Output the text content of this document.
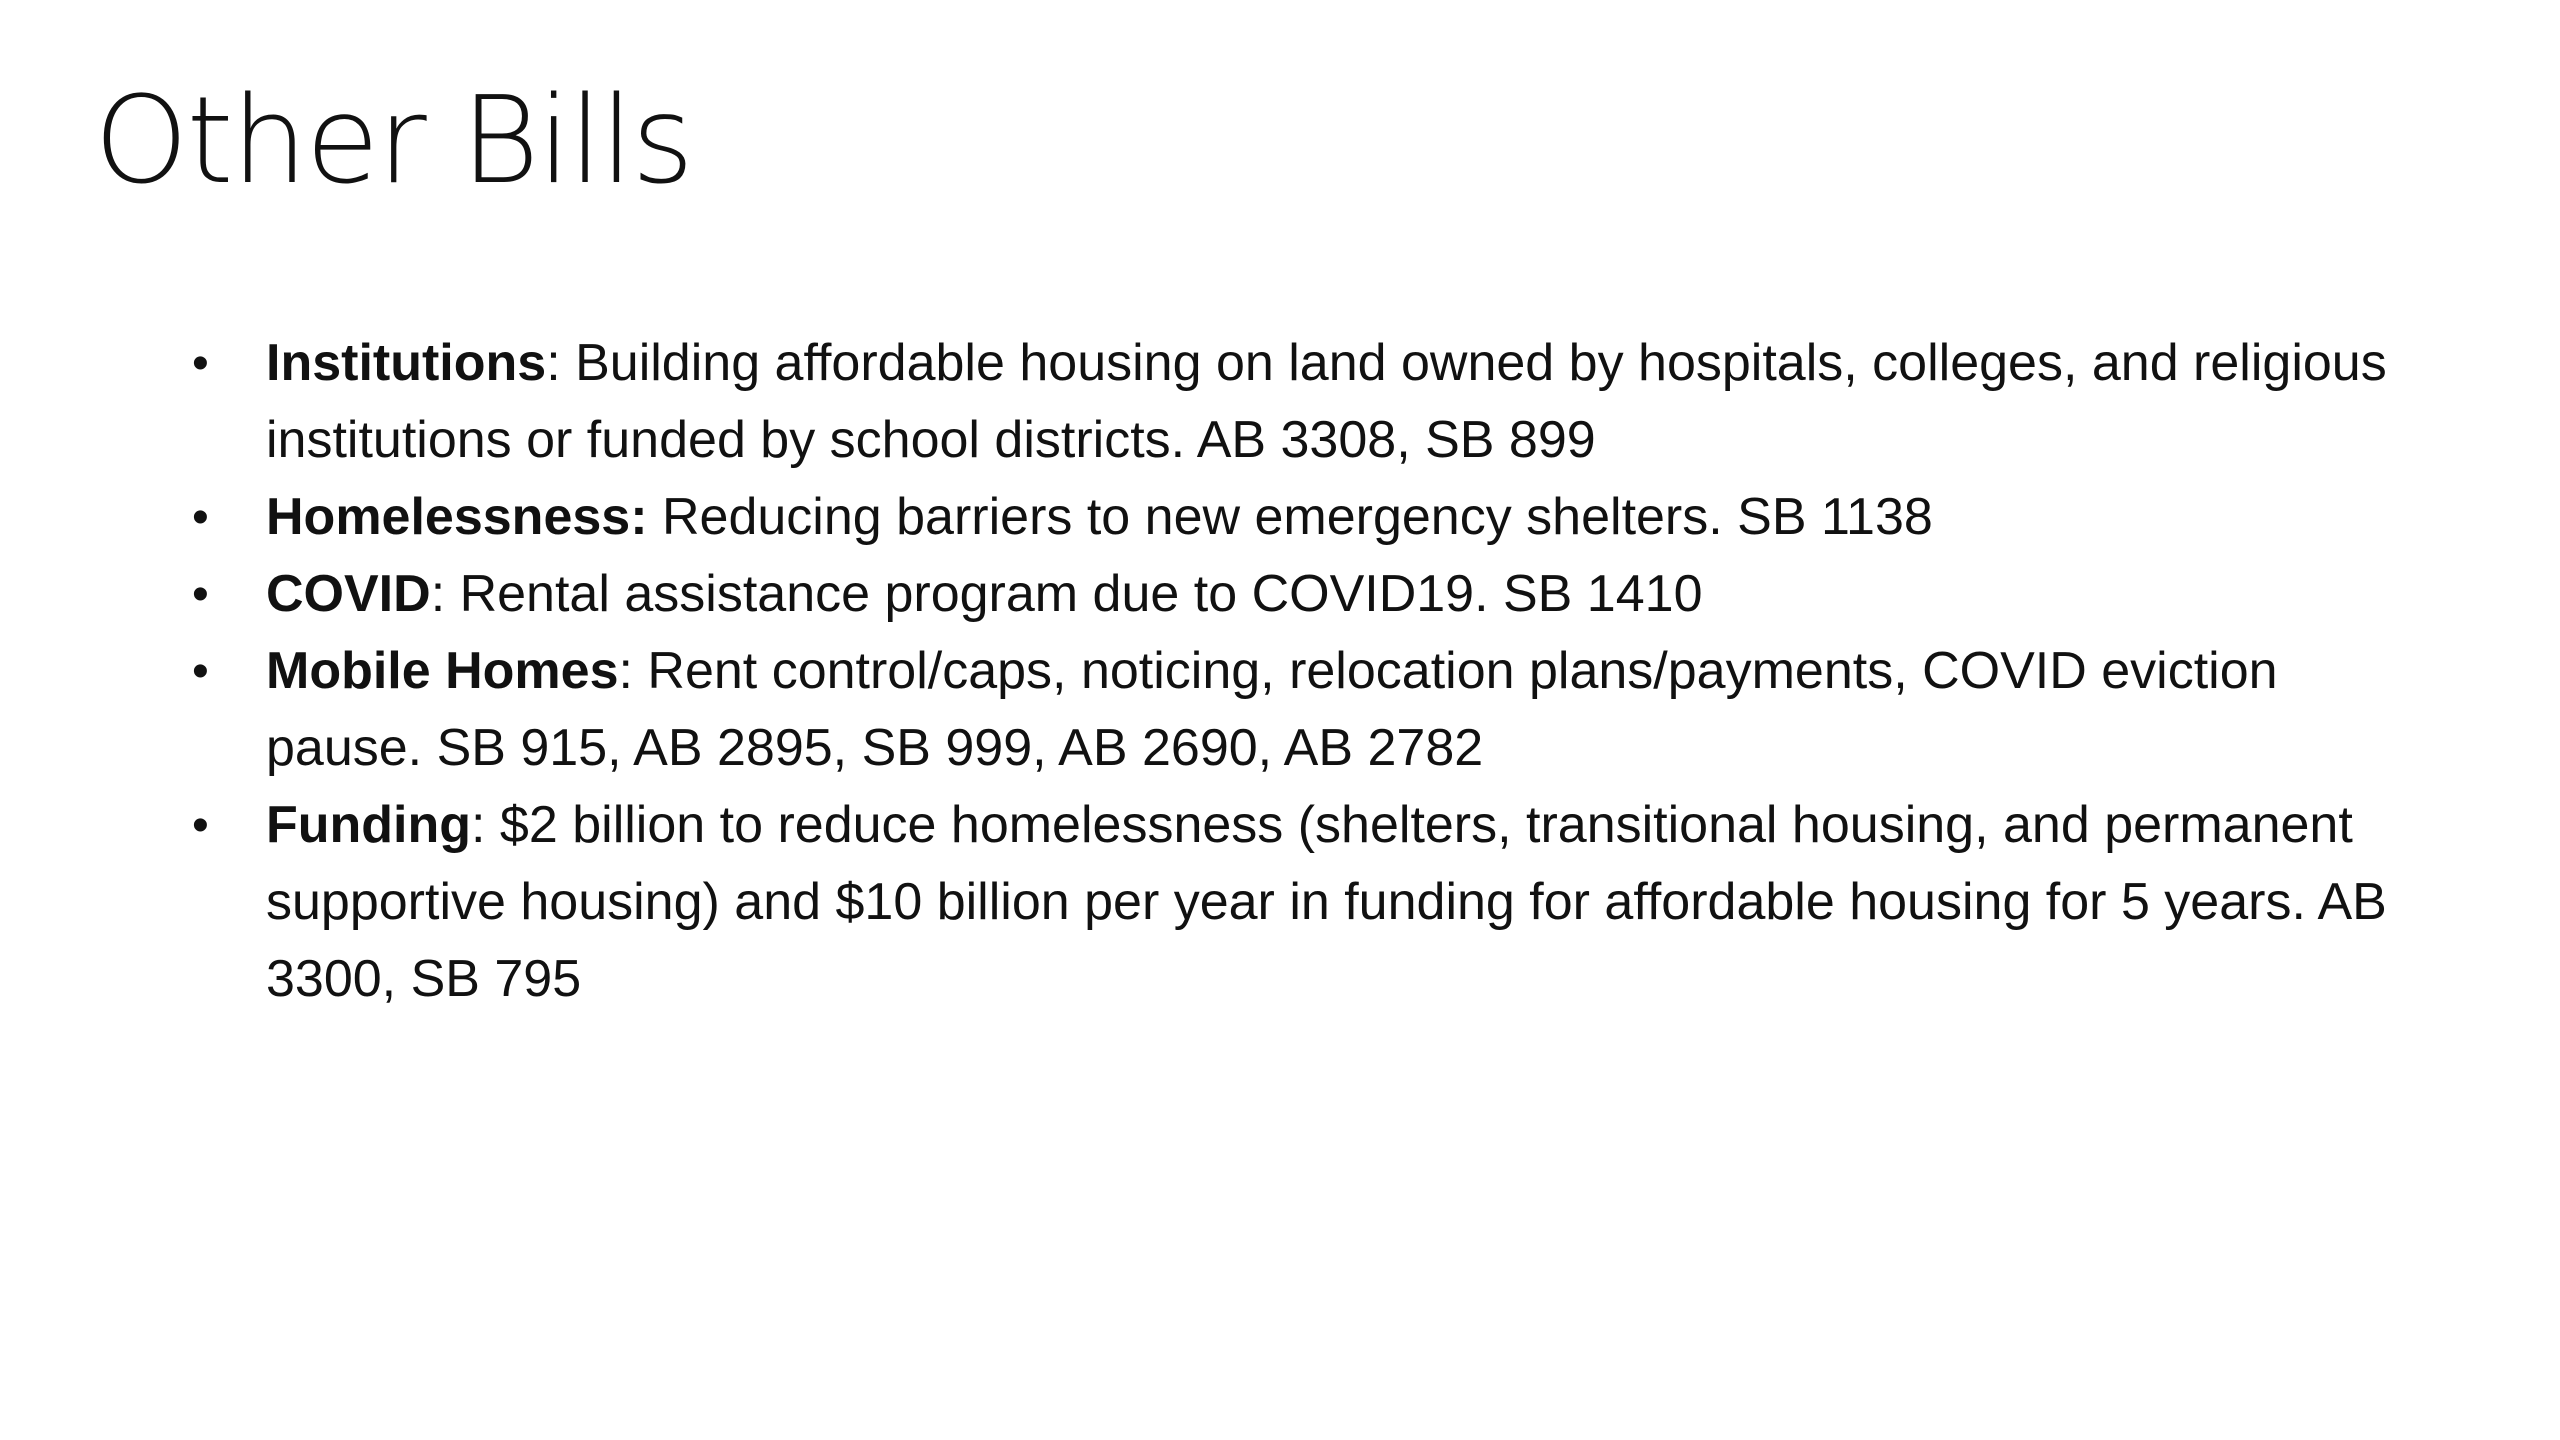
Other Bills
•	Institutions: Building affordable housing on land owned by hospitals, colleges, and religious institutions or funded by school districts. AB 3308, SB 899
•	Homelessness: Reducing barriers to new emergency shelters. SB 1138
•	COVID: Rental assistance program due to COVID19. SB 1410
•	Mobile Homes: Rent control/caps, noticing, relocation plans/payments, COVID eviction pause. SB 915, AB 2895, SB 999, AB 2690, AB 2782
•	Funding: $2 billion to reduce homelessness (shelters, transitional housing, and permanent supportive housing) and $10 billion per year in funding for affordable housing for 5 years. AB 3300, SB 795
